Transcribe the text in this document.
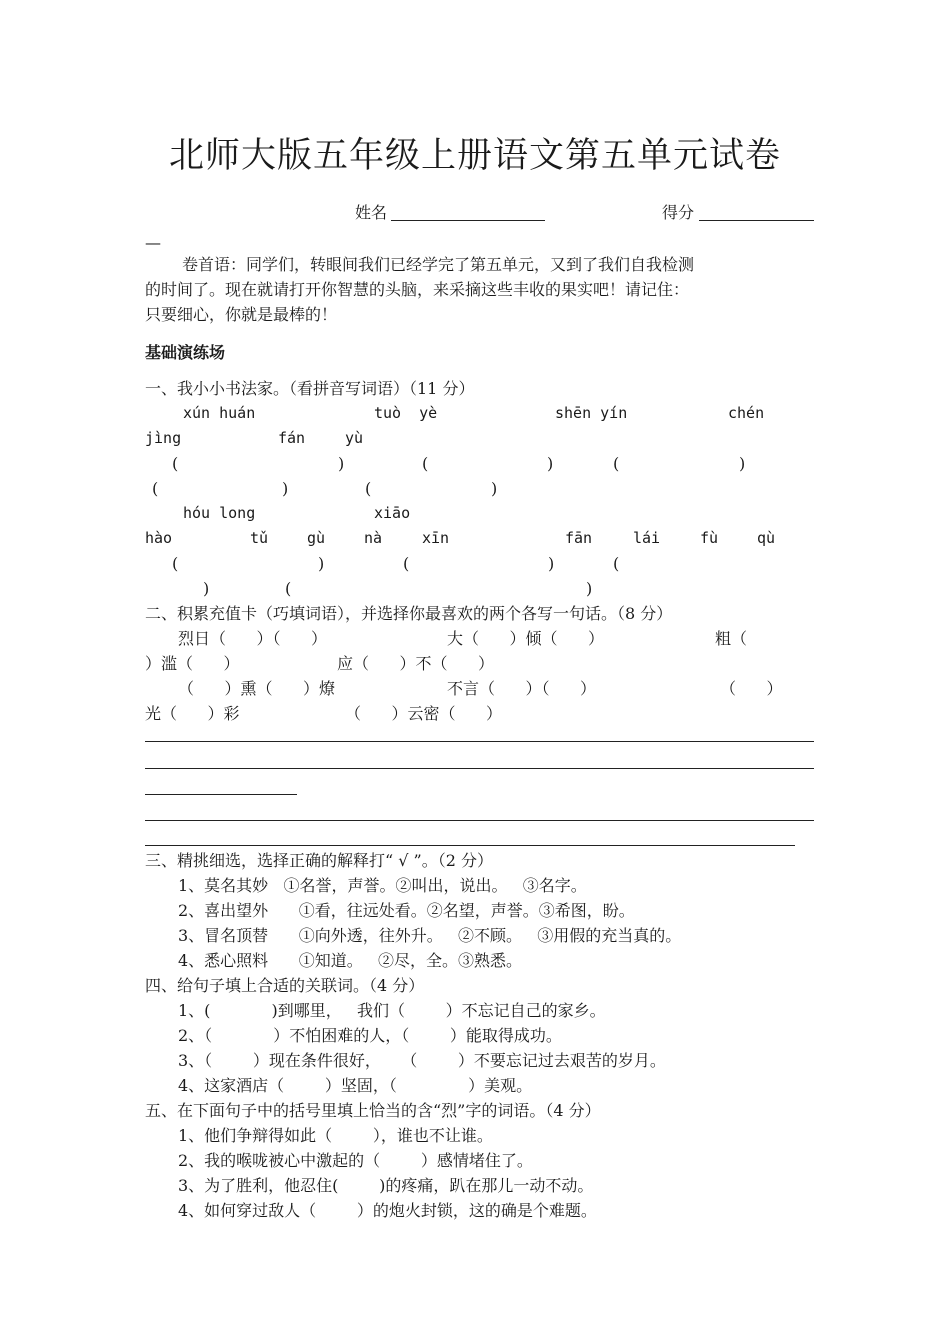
北师大版五年级上册语文第五单元试卷
姓名	得分
—
卷首语：同学们，转眼间我们已经学完了第五单元，又到了我们自我检测
的时间了。现在就请打开你智慧的头脑，来采摘这些丰收的果实吧！请记住：
只要细心，你就是最棒的！
基础演练场
一、我小小书法家。（看拼音写词语）（11 分）
xún huán	tuò  yè	shēn yín	chén
jìng	fán	yù
(	)	(	)	(	)
(	)	(	)
hóu long	xiāo
hào	tǔ	gù	nà	xīn	fān	lái	fù	qù
(	)	(	)	(
)	(	)
二、积累充值卡（巧填词语），并选择你最喜欢的两个各写一句话。（8 分）
烈日（      ）（      ）	大（      ）倾（      ）	粗（
）滥（      ）	应（      ）不（      ）
（      ）熏（      ）燎	不言（      ）（      ）	（      ）
光（      ）彩	（      ）云密（      ）
三、精挑细选，选择正确的解释打“ √ ”。（2 分）
1、莫名其妙   ①名誉，声誉。②叫出，说出。   ③名字。
2、喜出望外      ①看，往远处看。②名望，声誉。③希图，盼。
3、冒名顶替      ①向外透，往外升。   ②不顾。   ③用假的充当真的。
4、悉心照料      ①知道。   ②尽，全。③熟悉。
四、给句子填上合适的关联词。（4 分）
1、(            )到哪里，   我们（        ）不忘记自己的家乡。
2、（            ）不怕困难的人，（        ）能取得成功。
3、（        ）现在条件很好，    （        ）不要忘记过去艰苦的岁月。
4、这家酒店（        ）坚固，（              ）美观。
五、在下面句子中的括号里填上恰当的含“烈”字的词语。（4 分）
1、他们争辩得如此（        ），谁也不让谁。
2、我的喉咙被心中激起的（        ）感情堵住了。
3、为了胜利，他忍住(        )的疼痛，趴在那儿一动不动。
4、如何穿过敌人（        ）的炮火封锁，这的确是个难题。
